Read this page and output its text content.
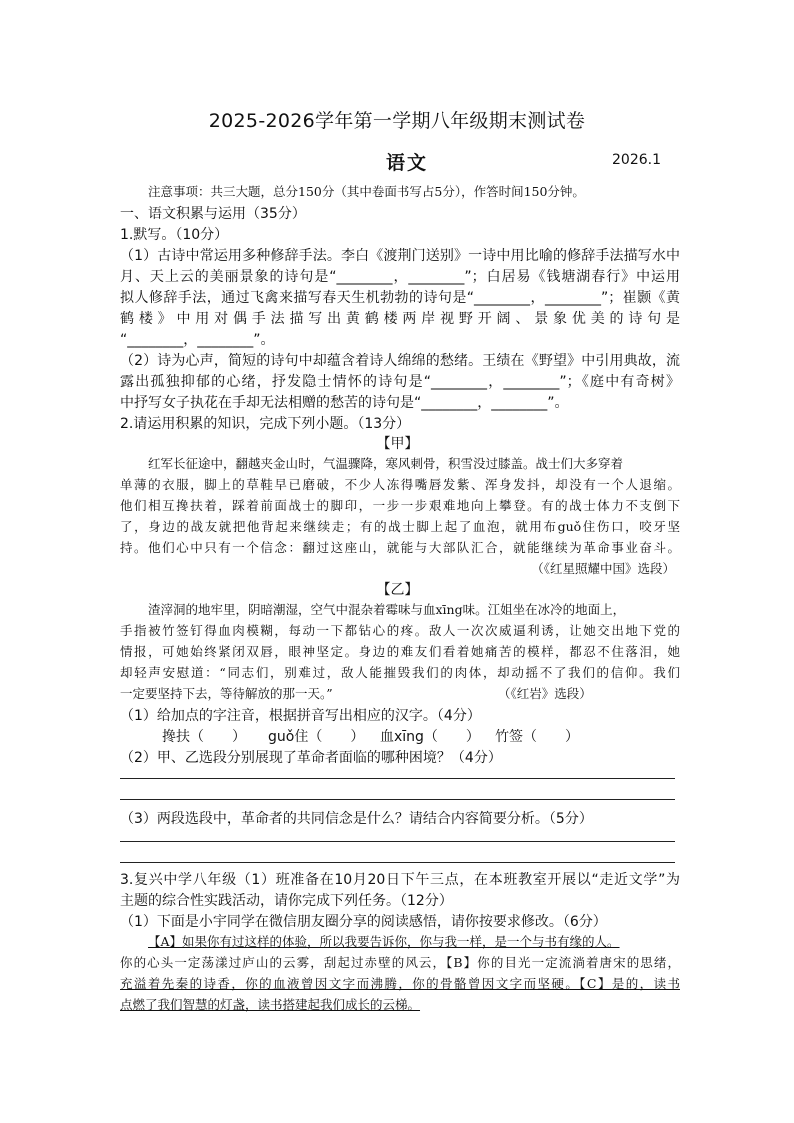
2025-2026学年第一学期八年级期末测试卷
语文	2026.1
注意事项：共三大题，总分150分（其中卷面书写占5分），作答时间150分钟。
一、语文积累与运用（35分）
1.默写。（10分）
（1）古诗中常运用多种修辞手法。李白《渡荆门送别》一诗中用比喻的修辞手法描写水中
月、天上云的美丽景象的诗句是“________，________”；白居易《钱塘湖春行》中运用
拟人修辞手法，通过飞禽来描写春天生机勃勃的诗句是“________，________”；崔颢《黄
鹤楼》中用对偶手法描写出黄鹤楼两岸视野开阔、景象优美的诗句是
“________，________”。
（2）诗为心声，简短的诗句中却蕴含着诗人绵绵的愁绪。王绩在《野望》中引用典故，流
露出孤独抑郁的心绪，抒发隐士情怀的诗句是“________，________”；《庭中有奇树》
中抒写女子执花在手却无法相赠的愁苦的诗句是“________，________”。
2.请运用积累的知识，完成下列小题。（13分）
【甲】
红军长征途中，翻越夹金山时，气温骤降，寒风刺骨，积雪没过膝盖。战士们大多穿着
单薄的衣服，脚上的草鞋早已磨破，不少人冻得嘴唇发紫、浑身发抖，却没有一个人退缩。
他们相互搀扶着，踩着前面战士的脚印，一步一步艰难地向上攀登。有的战士体力不支倒下
了，身边的战友就把他背起来继续走；有的战士脚上起了血泡，就用布guǒ住伤口，咬牙坚
持。他们心中只有一个信念：翻过这座山，就能与大部队汇合，就能继续为革命事业奋斗。
（《红星照耀中国》选段）
【乙】
渣滓洞的地牢里，阴暗潮湿，空气中混杂着霉味与血xīng味。江姐坐在冰冷的地面上，
手指被竹签钉得血肉模糊，每动一下都钻心的疼。敌人一次次威逼利诱，让她交出地下党的
情报，可她始终紧闭双唇，眼神坚定。身边的难友们看着她痛苦的模样，都忍不住落泪，她
却轻声安慰道：“同志们，别难过，敌人能摧毁我们的肉体，却动摇不了我们的信仰。我们
一定要坚持下去，等待解放的那一天。”	（《红岩》选段）
（1）给加点的字注音，根据拼音写出相应的汉字。（4分）
搀扶（　　）	guǒ住（　　）	血xīng（　　）	竹签（　　）
（2）甲、乙选段分别展现了革命者面临的哪种困境？（4分）
（3）两段选段中，革命者的共同信念是什么？请结合内容简要分析。（5分）
3.复兴中学八年级（1）班准备在10月20日下午三点，在本班教室开展以“走近文学”为
主题的综合性实践活动，请你完成下列任务。（12分）
（1）下面是小宇同学在微信朋友圈分享的阅读感悟，请你按要求修改。（6分）
【A】如果你有过这样的体验，所以我要告诉你，你与我一样，是一个与书有缘的人。
你的心头一定荡漾过庐山的云雾，刮起过赤壁的风云，【B】你的目光一定流淌着唐宋的思绪，
充溢着先秦的诗香，你的血液曾因文字而沸腾，你的骨骼曾因文字而坚硬。【C】是的，读书
点燃了我们智慧的灯盏，读书搭建起我们成长的云梯。
